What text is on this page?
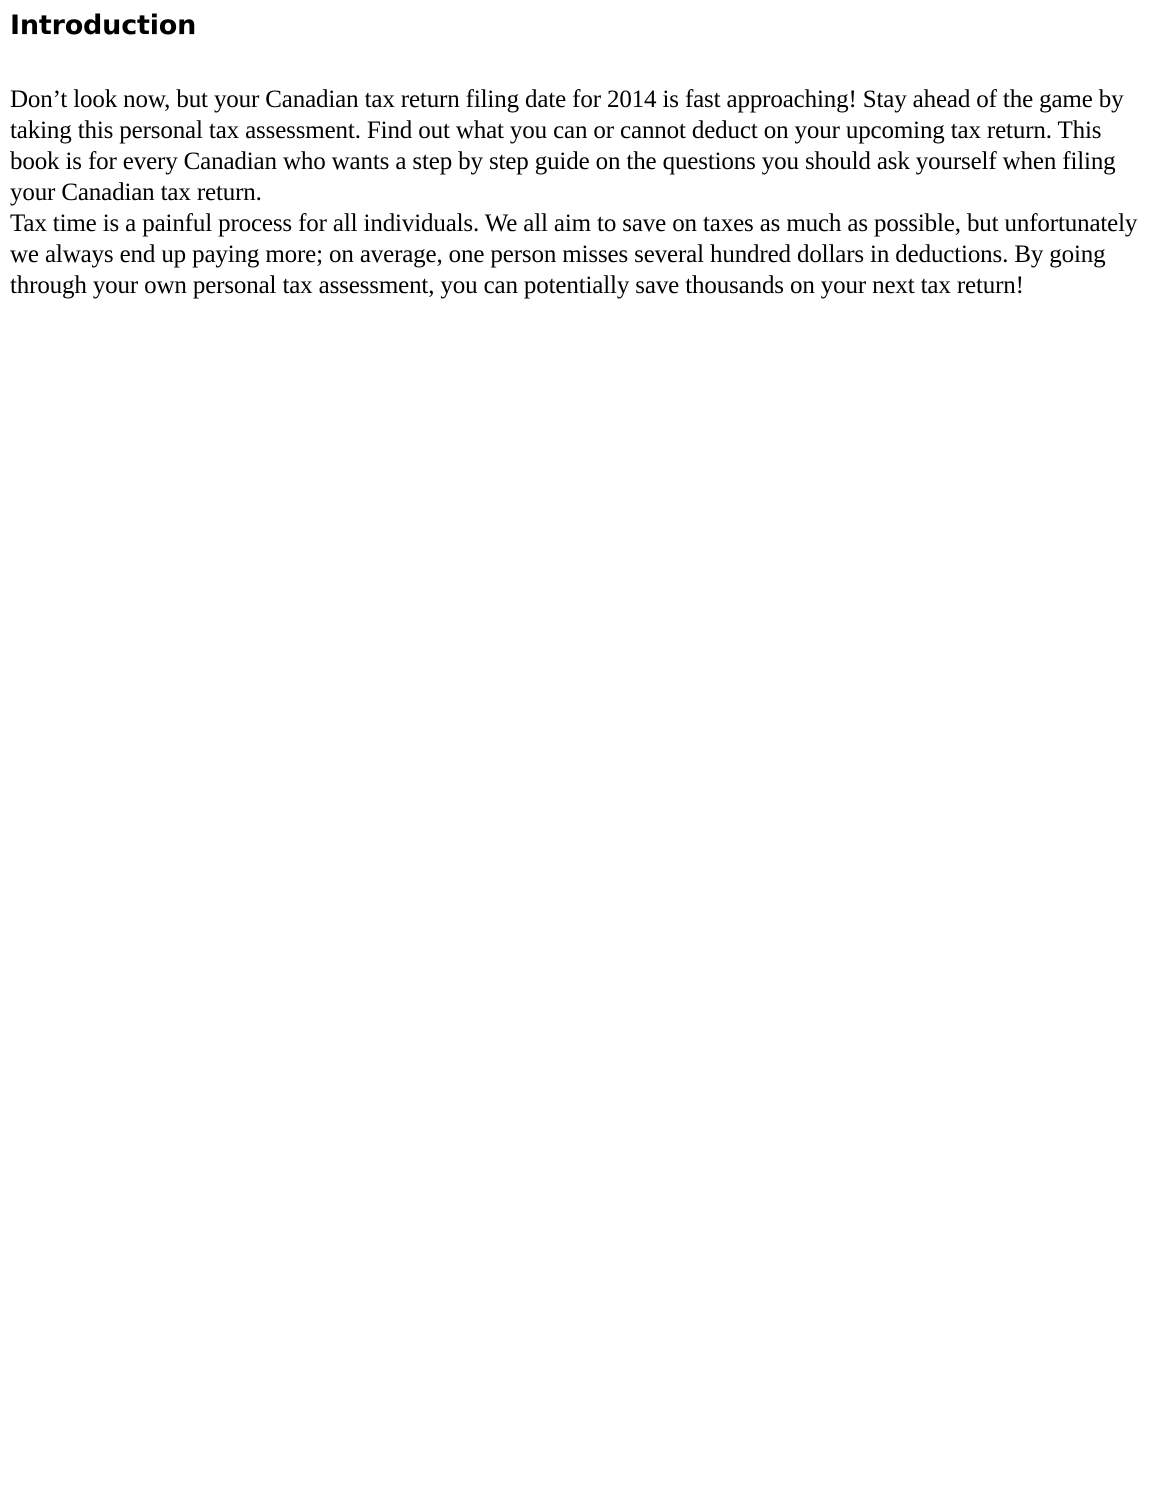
Introduction

Don’t look now, but your Canadian tax return filing date for 2014 is fast approaching! Stay ahead of the game by taking this personal tax assessment. Find out what you can or cannot deduct on your upcoming tax return. This book is for every Canadian who wants a step by step guide on the questions you should ask yourself when filing your Canadian tax return.

Tax time is a painful process for all individuals. We all aim to save on taxes as much as possible, but unfortunately we always end up paying more; on average, one person misses several hundred dollars in deductions. By going through your own personal tax assessment, you can potentially save thousands on your next tax return!
